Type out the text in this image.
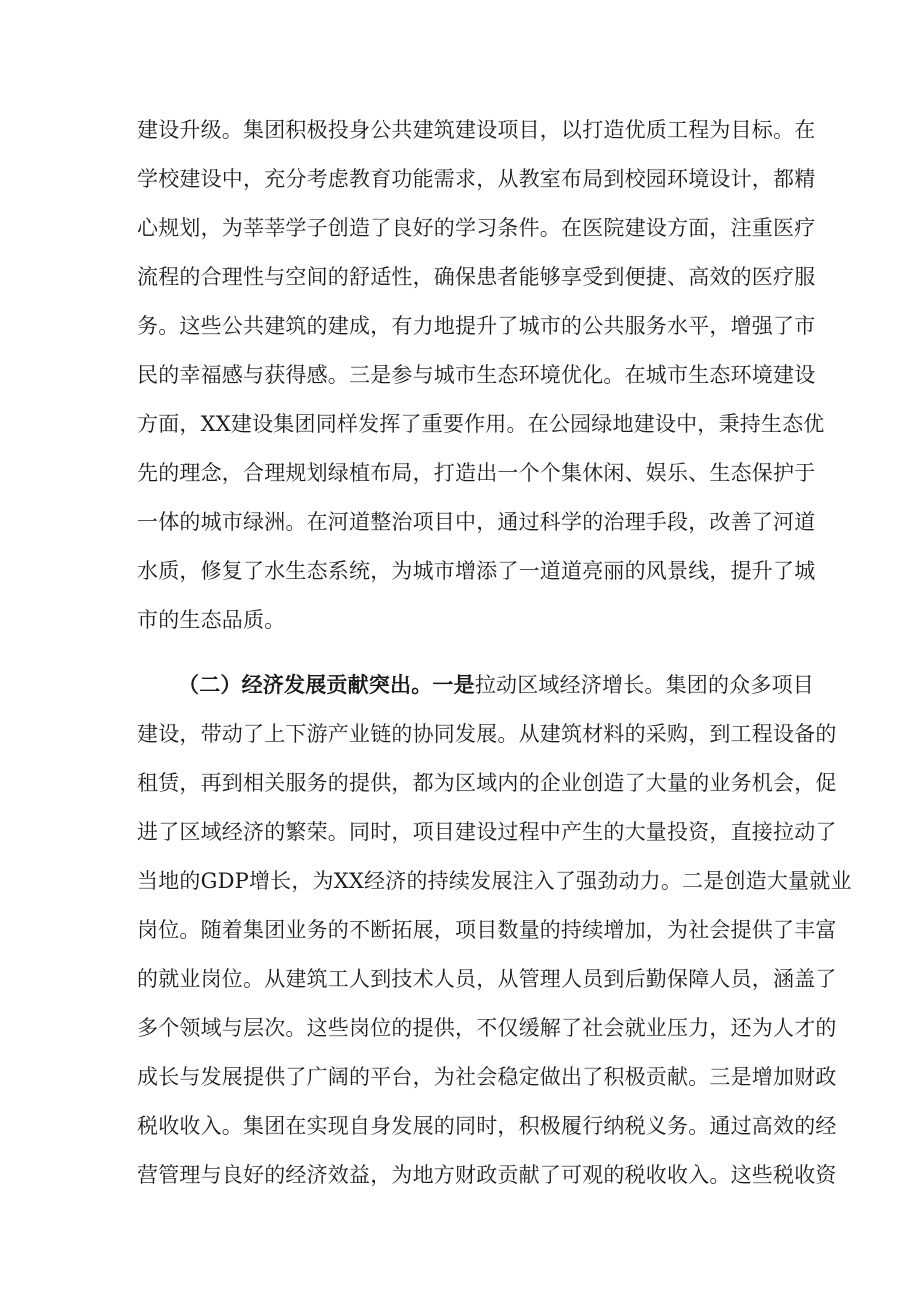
建设升级。集团积极投身公共建筑建设项目，以打造优质工程为目标。在
学校建设中，充分考虑教育功能需求，从教室布局到校园环境设计，都精
心规划，为莘莘学子创造了良好的学习条件。在医院建设方面，注重医疗
流程的合理性与空间的舒适性，确保患者能够享受到便捷、高效的医疗服
务。这些公共建筑的建成，有力地提升了城市的公共服务水平，增强了市
民的幸福感与获得感。三是参与城市生态环境优化。在城市生态环境建设
方面，XX建设集团同样发挥了重要作用。在公园绿地建设中，秉持生态优
先的理念，合理规划绿植布局，打造出一个个集休闲、娱乐、生态保护于
一体的城市绿洲。在河道整治项目中，通过科学的治理手段，改善了河道
水质，修复了水生态系统，为城市增添了一道道亮丽的风景线，提升了城
市的生态品质。
（二）经济发展贡献突出。一是拉动区域经济增长。集团的众多项目
建设，带动了上下游产业链的协同发展。从建筑材料的采购，到工程设备的
租赁，再到相关服务的提供，都为区域内的企业创造了大量的业务机会，促
进了区域经济的繁荣。同时，项目建设过程中产生的大量投资，直接拉动了
当地的GDP增长，为XX经济的持续发展注入了强劲动力。二是创造大量就业
岗位。随着集团业务的不断拓展，项目数量的持续增加，为社会提供了丰富
的就业岗位。从建筑工人到技术人员，从管理人员到后勤保障人员，涵盖了
多个领域与层次。这些岗位的提供，不仅缓解了社会就业压力，还为人才的
成长与发展提供了广阔的平台，为社会稳定做出了积极贡献。三是增加财政
税收收入。集团在实现自身发展的同时，积极履行纳税义务。通过高效的经
营管理与良好的经济效益，为地方财政贡献了可观的税收收入。这些税收资
